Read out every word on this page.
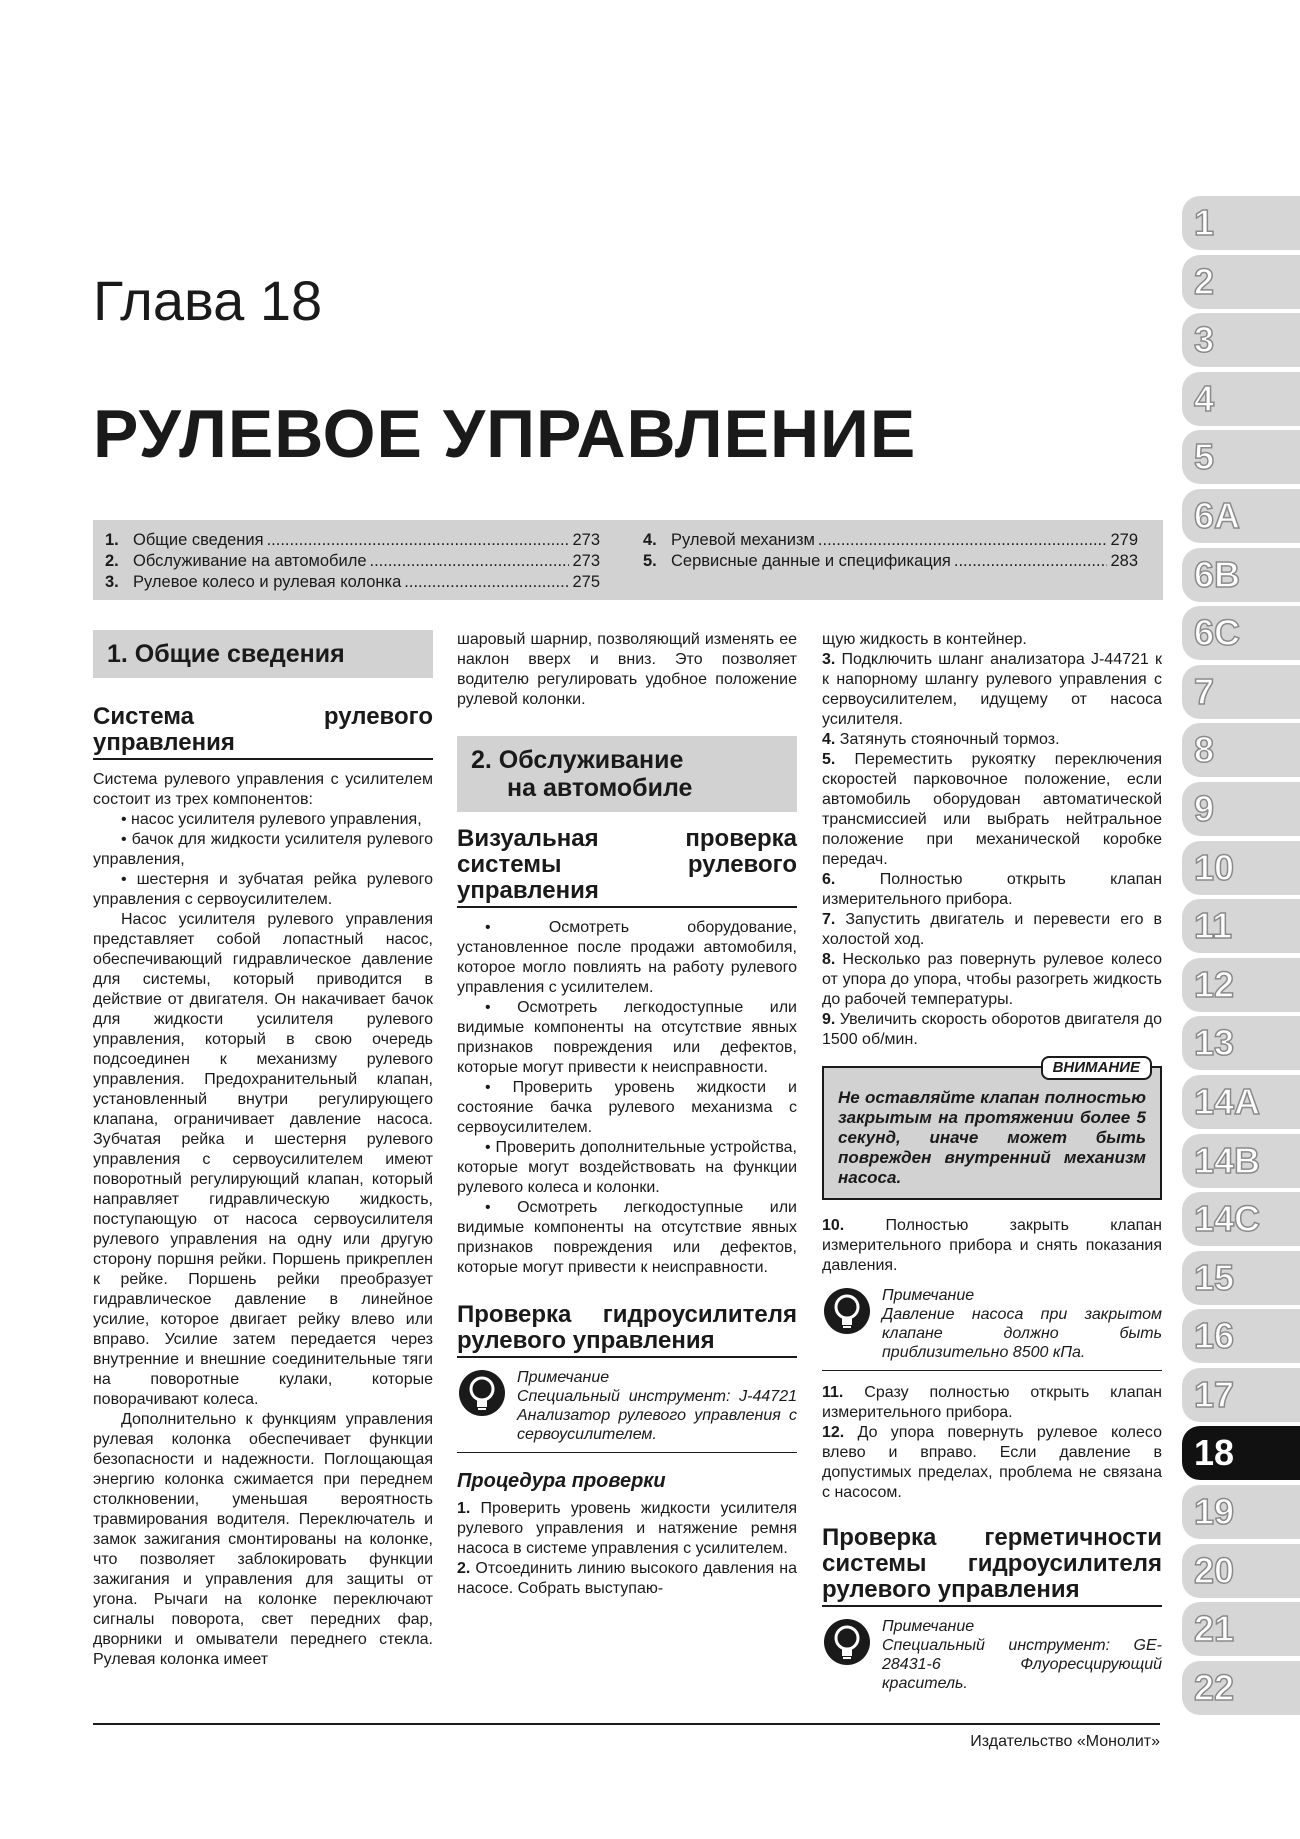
Глава 18
РУЛЕВОЕ УПРАВЛЕНИЕ
1. Общие сведения .....	273
2. Обслуживание на автомобиле .....	273
3. Рулевое колесо и рулевая колонка .....	275
4. Рулевой механизм .....	279
5. Сервисные данные и спецификация .....	283
1. Общие сведения
Система рулевого управления

Система рулевого управления с усилителем состоит из трех компонентов:

• насос усилителя рулевого управления,

• бачок для жидкости усилителя рулевого управления,

• шестерня и зубчатая рейка рулевого управления с сервоусилителем.

Насос усилителя рулевого управления представляет собой лопастный насос, обеспечивающий гидравлическое давление для системы, который приводится в действие от двигателя. Он накачивает бачок для жидкости усилителя рулевого управления, который в свою очередь подсоединен к механизму рулевого управления. Предохранительный клапан, установленный внутри регулирующего клапана, ограничивает давление насоса. Зубчатая рейка и шестерня рулевого управления с сервоусилителем имеют поворотный регулирующий клапан, который направляет гидравлическую жидкость, поступающую от насоса сервоусилителя рулевого управления на одну или другую сторону поршня рейки. Поршень прикреплен к рейке. Поршень рейки преобразует гидравлическое давление в линейное усилие, которое двигает рейку влево или вправо. Усилие затем передается через внутренние и внешние соединительные тяги на поворотные кулаки, которые поворачивают колеса.

Дополнительно к функциям управления рулевая колонка обеспечивает функции безопасности и надежности. Поглощающая энергию колонка сжимается при переднем столкновении, уменьшая вероятность травмирования водителя. Переключатель и замок зажигания смонтированы на колонке, что позволяет заблокировать функции зажигания и управления для защиты от угона. Рычаги на колонке переключают сигналы поворота, свет передних фар, дворники и омыватели переднего стекла. Рулевая колонка имеет

шаровый шарнир, позволяющий изменять ее наклон вверх и вниз. Это позволяет водителю регулировать удобное положение рулевой колонки.

2. Обслуживание
на автомобиле
Визуальная проверка системы рулевого управления

• Осмотреть оборудование, установленное после продажи автомобиля, которое могло повлиять на работу рулевого управления с усилителем.

• Осмотреть легкодоступные или видимые компоненты на отсутствие явных признаков повреждения или дефектов, которые могут привести к неисправности.

• Проверить уровень жидкости и состояние бачка рулевого механизма с сервоусилителем.

• Проверить дополнительные устройства, которые могут воздействовать на функции рулевого колеса и колонки.

• Осмотреть легкодоступные или видимые компоненты на отсутствие явных признаков повреждения или дефектов, которые могут привести к неисправности.

Проверка гидроусилителя рулевого управления

Примечание

Специальный инструмент: J-44721 Анализатор рулевого управления с сервоусилителем.

Процедура проверки

1. Проверить уровень жидкости усилителя рулевого управления и натяжение ремня насоса в системе управления с усилителем.

2. Отсоединить линию высокого давления на насосе. Собрать выступаю-

щую жидкость в контейнер.

3. Подключить шланг анализатора J-44721 к к напорному шлангу рулевого управления с сервоусилителем, идущему от насоса усилителя.

4. Затянуть стояночный тормоз.

5. Переместить рукоятку переключения скоростей парковочное положение, если автомобиль оборудован автоматической трансмиссией или выбрать нейтральное положение при механической коробке передач.

6.	Полностью открыть клапан измерительного прибора.

7. Запустить двигатель и перевести его в холостой ход.

8. Несколько раз повернуть рулевое колесо от упора до упора, чтобы разогреть жидкость до рабочей температуры.

9. Увеличить скорость оборотов двигателя до 1500 об/мин.

ВНИМАНИЕ
Не оставляйте клапан полностью закрытым на протяжении более 5 секунд, иначе может быть поврежден внутренний механизм насоса.

10.	Полностью закрыть клапан измерительного прибора и снять показания давления.

Примечание

Давление насоса при закрытом клапане должно быть приблизительно 8500 кПа.

11. Сразу полностью открыть клапан измерительного прибора.

12. До упора повернуть рулевое колесо влево и вправо. Если давление в допустимых пределах, проблема не связана с насосом.

Проверка герметичности системы гидроусилителя рулевого управления

Примечание

Специальный инструмент: GE-28431-6 Флуоресцирующий краситель.

1
2
3
4
5
6A
6B
6C
7
8
9
10
11
12
13
14A
14B
14C
15
16
17
18
19
20
21
22
Издательство «Монолит»
